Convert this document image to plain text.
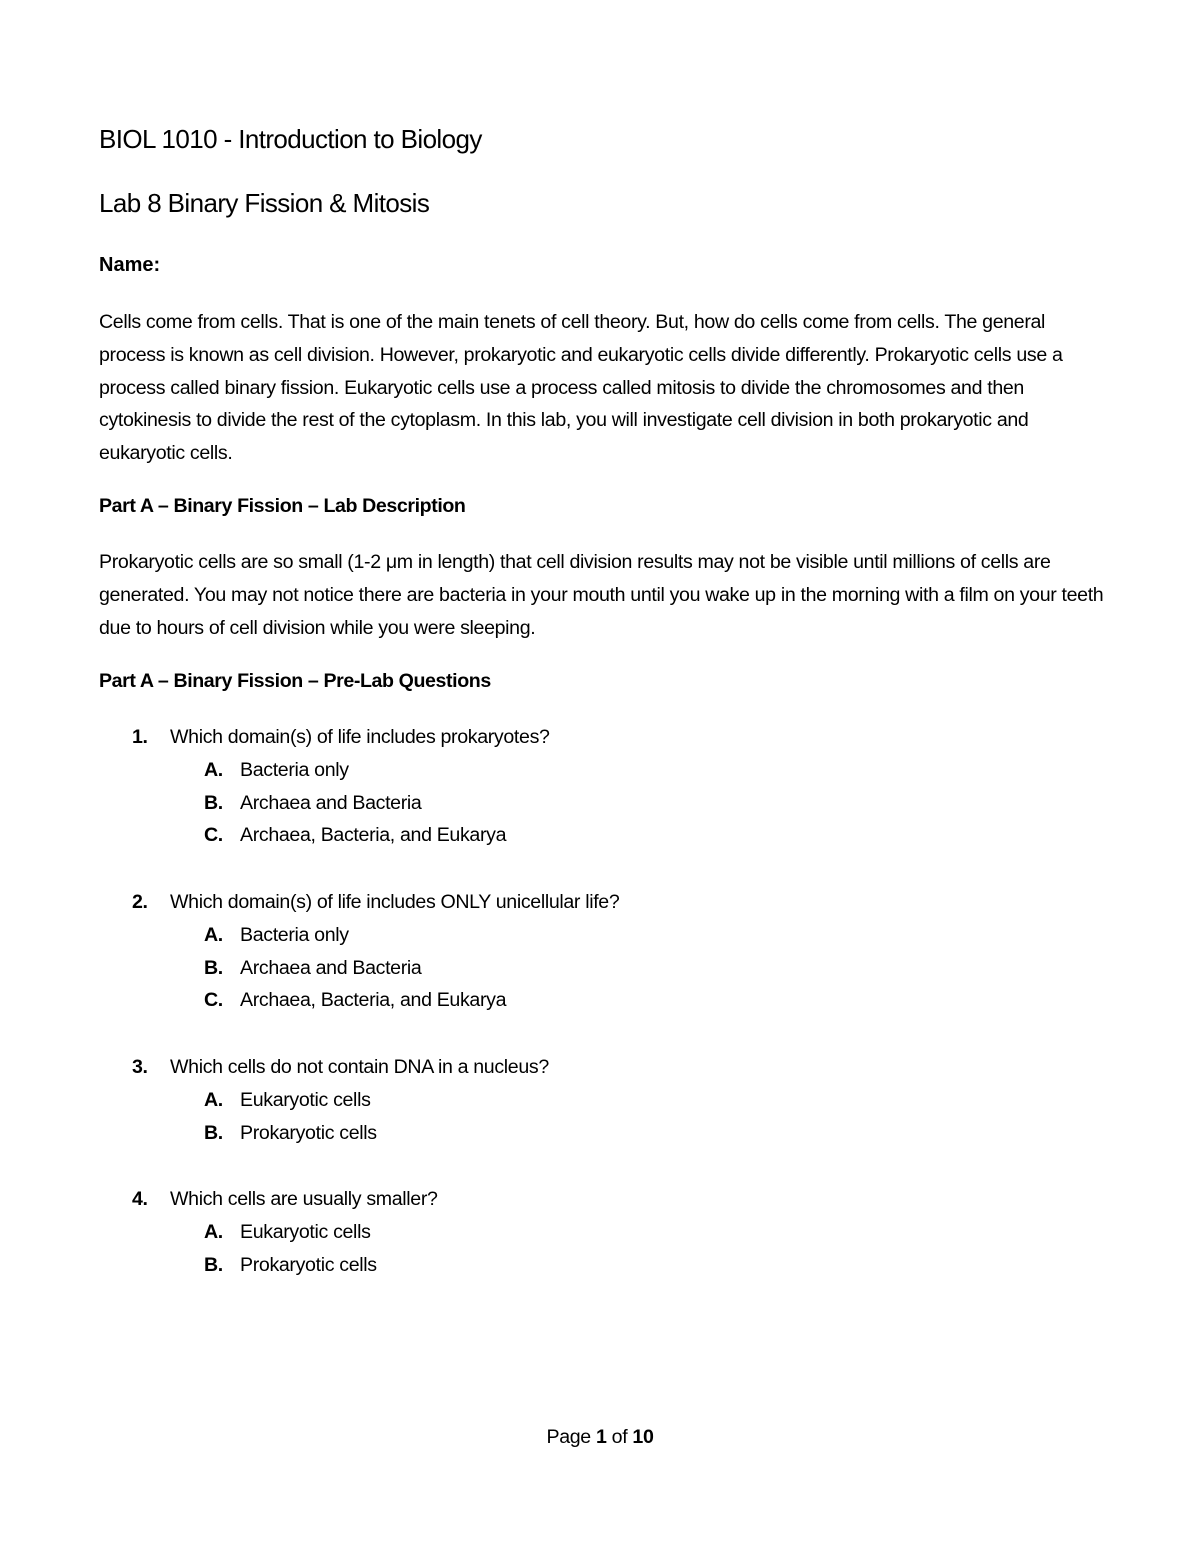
BIOL 1010 - Introduction to Biology
Lab 8 Binary Fission & Mitosis
Name:

Cells come from cells. That is one of the main tenets of cell theory. But, how do cells come from cells. The general process is known as cell division. However, prokaryotic and eukaryotic cells divide differently. Prokaryotic cells use a process called binary fission. Eukaryotic cells use a process called mitosis to divide the chromosomes and then cytokinesis to divide the rest of the cytoplasm. In this lab, you will investigate cell division in both prokaryotic and eukaryotic cells.

Part A – Binary Fission – Lab Description

Prokaryotic cells are so small (1-2 μm in length) that cell division results may not be visible until millions of cells are generated. You may not notice there are bacteria in your mouth until you wake up in the morning with a film on your teeth due to hours of cell division while you were sleeping.

Part A – Binary Fission – Pre-Lab Questions
1. Which domain(s) of life includes prokaryotes?
A. Bacteria only
B. Archaea and Bacteria
C. Archaea, Bacteria, and Eukarya
2. Which domain(s) of life includes ONLY unicellular life?
A. Bacteria only
B. Archaea and Bacteria
C. Archaea, Bacteria, and Eukarya
3. Which cells do not contain DNA in a nucleus?
A. Eukaryotic cells
B. Prokaryotic cells
4. Which cells are usually smaller?
A. Eukaryotic cells
B. Prokaryotic cells
Page 1 of 10
